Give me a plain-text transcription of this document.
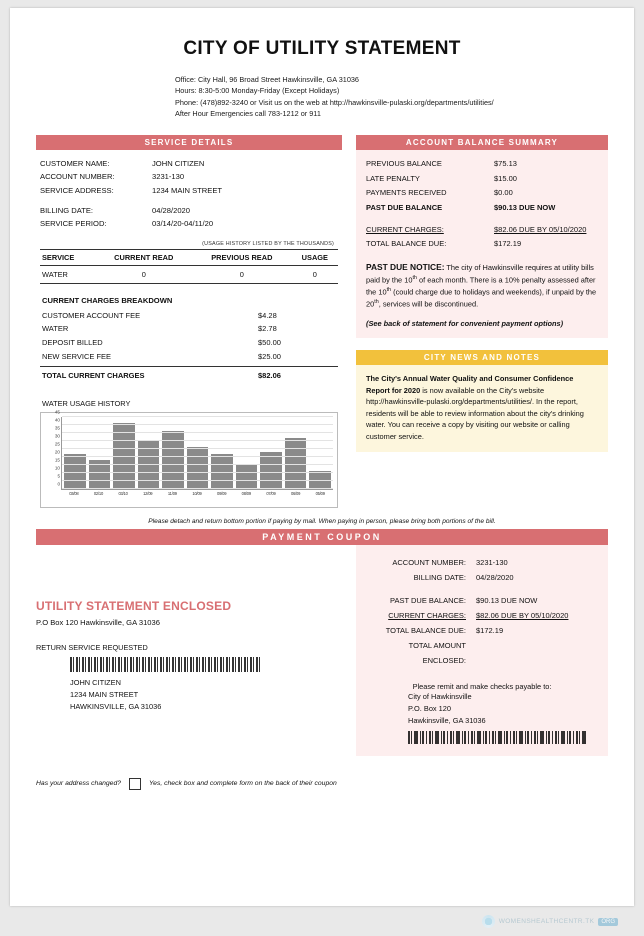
CITY OF UTILITY STATEMENT
Office: City Hall, 96 Broad Street Hawkinsville, GA 31036
Hours: 8:30-5:00 Monday-Friday (Except Holidays)
Phone: (478)892-3240 or Visit us on the web at http://hawkinsville-pulaski.org/departments/utilities/
After Hour Emergencies call 783-1212 or 911
SERVICE DETAILS
CUSTOMER NAME:	JOHN CITIZEN
ACCOUNT NUMBER:	3231-130
SERVICE ADDRESS:	1234 MAIN STREET
BILLING DATE:	04/28/2020
SERVICE PERIOD:	03/14/20-04/11/20
(USAGE HISTORY LISTED BY THE THOUSANDS)
SERVICE	CURRENT READ	PREVIOUS READ	USAGE
WATER	0	0	0
CURRENT CHARGES BREAKDOWN
CUSTOMER ACCOUNT FEE	$4.28
WATER	$2.78
DEPOSIT BILLED	$50.00
NEW SERVICE FEE	$25.00
TOTAL CURRENT CHARGES	$82.06
WATER USAGE HISTORY
0
5
10
15
20
25
30
35
40
45
03/08	02/10	03/10	12/09	11/09	10/09	09/09	08/09	07/09	06/09	05/09
ACCOUNT BALANCE SUMMARY
PREVIOUS BALANCE	$75.13
LATE PENALTY	$15.00
PAYMENTS RECEIVED	$0.00
PAST DUE BALANCE	$90.13 DUE NOW
CURRENT CHARGES:	$82.06 DUE BY 05/10/2020
TOTAL BALANCE DUE:	$172.19
PAST DUE NOTICE: The city of Hawkinsville requires at utility bills paid by the 10th of each month. There is a 10% penalty assessed after the 10th (could charge due to holidays and weekends), if unpaid by the 20th, services will be discontinued.
(See back of statement for convenient payment options)
CITY NEWS AND NOTES
The City's Annual Water Quality and Consumer Confidence Report for 2020 is now available on the City's website http://hawkinsville-pulaski.org/departments/utilities/. In the report, residents will be able to review information about the city's drinking water. You can receive a copy by visiting our website or calling customer service.
Please detach and return bottom portion if paying by mail. When paying in person, please bring both portions of the bill.
PAYMENT COUPON
UTILITY STATEMENT ENCLOSED
P.O Box 120 Hawkinsville, GA 31036
RETURN SERVICE REQUESTED
JOHN CITIZEN
1234 MAIN STREET
HAWKINSVILLE, GA 31036
ACCOUNT NUMBER:	3231-130
BILLING DATE:	04/28/2020
PAST DUE BALANCE:	$90.13 DUE NOW
CURRENT CHARGES:	$82.06 DUE BY 05/10/2020
TOTAL BALANCE DUE:	$172.19
TOTAL AMOUNT ENCLOSED:
Please remit and make checks payable to:
City of Hawkinsville
P.O. Box 120
Hawkinsville, GA 31036
Has your address changed?	Yes, check box and complete form on the back of their coupon
WOMENSHEALTHCENTR.TK	ORG
